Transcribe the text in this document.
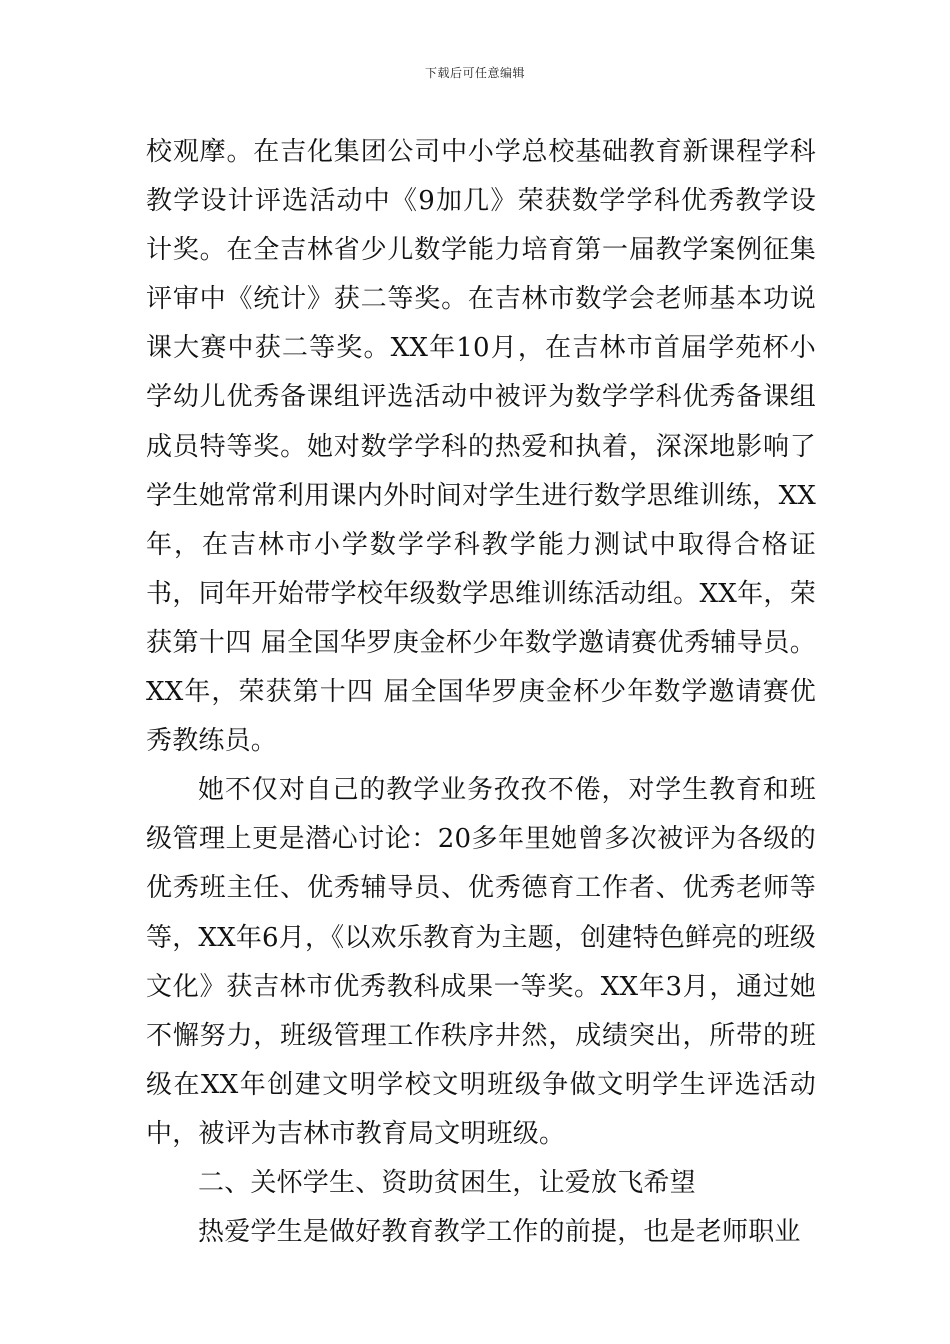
下载后可任意编辑

校观摩。在吉化集团公司中小学总校基础教育新课程学科教学设计评选活动中《9加几》荣获数学学科优秀教学设计奖。在全吉林省少儿数学能力培育第一届教学案例征集评审中《统计》获二等奖。在吉林市数学会老师基本功说课大赛中获二等奖。XX年10月，在吉林市首届学苑杯小学幼儿优秀备课组评选活动中被评为数学学科优秀备课组成员特等奖。她对数学学科的热爱和执着，深深地影响了学生她常常利用课内外时间对学生进行数学思维训练，XX年，在吉林市小学数学学科教学能力测试中取得合格证书，同年开始带学校年级数学思维训练活动组。XX年，荣获第十四 届全国华罗庚金杯少年数学邀请赛优秀辅导员。XX年，荣获第十四 届全国华罗庚金杯少年数学邀请赛优秀教练员。

她不仅对自己的教学业务孜孜不倦，对学生教育和班级管理上更是潜心讨论：20多年里她曾多次被评为各级的优秀班主任、优秀辅导员、优秀德育工作者、优秀老师等等，XX年6月，《以欢乐教育为主题，创建特色鲜亮的班级文化》获吉林市优秀教科成果一等奖。XX年3月，通过她不懈努力，班级管理工作秩序井然，成绩突出，所带的班级在XX年创建文明学校文明班级争做文明学生评选活动中，被评为吉林市教育局文明班级。

二、关怀学生、资助贫困生，让爱放飞希望

热爱学生是做好教育教学工作的前提，也是老师职业
